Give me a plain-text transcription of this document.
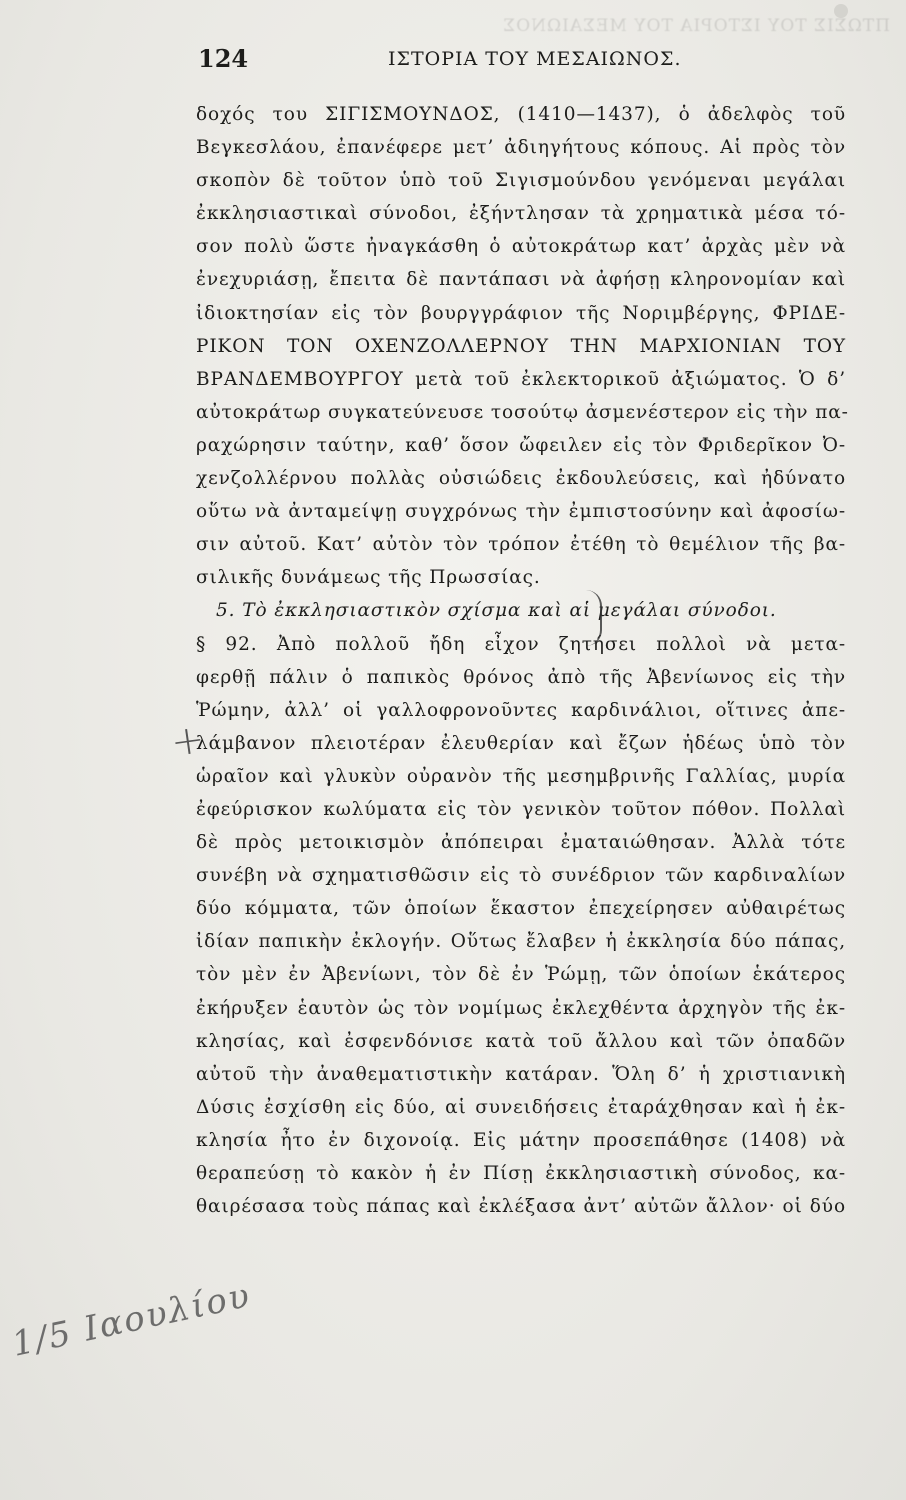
ΠΤΩΣΙΣ ΤΟΥ ΙΣΤΟΡΙΑ ΤΟΥ ΜΕΣΑΙΩΝΟΣ
124	ΙΣΤΟΡΙΑ ΤΟΥ ΜΕΣΑΙΩΝΟΣ.
δοχός του ΣΙΓΙΣΜΟΥΝΔΟΣ, (1410—1437), ὁ ἀδελφὸς τοῦ
Βεγκεσλάου, ἐπανέφερε μετ’ ἀδιηγήτους κόπους. Αἱ πρὸς τὸν
σκοπὸν δὲ τοῦτον ὑπὸ τοῦ Σιγισμούνδου γενόμεναι μεγάλαι
ἐκκλησιαστικαὶ σύνοδοι, ἐξήντλησαν τὰ χρηματικὰ μέσα τό-
σον πολὺ ὥστε ἠναγκάσθη ὁ αὐτοκράτωρ κατ’ ἀρχὰς μὲν νὰ
ἐνεχυριάσῃ, ἔπειτα δὲ παντάπασι νὰ ἀφήσῃ κληρονομίαν καὶ
ἰδιοκτησίαν εἰς τὸν βουργγράφιον τῆς Νοριμβέργης, ΦΡΙΔΕ-
ΡΙΚΟΝ ΤΟΝ ΟΧΕΝΖΟΛΛΕΡΝΟΥ ΤΗΝ ΜΑΡΧΙΟΝΙΑΝ ΤΟΥ
ΒΡΑΝΔΕΜΒΟΥΡΓΟΥ μετὰ τοῦ ἐκλεκτορικοῦ ἀξιώματος. Ὁ δ’
αὐτοκράτωρ συγκατεύνευσε τοσούτῳ ἀσμενέστερον εἰς τὴν πα-
ραχώρησιν ταύτην, καθ’ ὅσον ὤφειλεν εἰς τὸν Φριδερῖκον Ὀ-
χενζολλέρνου πολλὰς οὐσιώδεις ἐκδουλεύσεις, καὶ ἠδύνατο
οὕτω νὰ ἀνταμείψῃ συγχρόνως τὴν ἐμπιστοσύνην καὶ ἀφοσίω-
σιν αὐτοῦ. Κατ’ αὐτὸν τὸν τρόπον ἐτέθη τὸ θεμέλιον τῆς βα-
σιλικῆς δυνάμεως τῆς Πρωσσίας.
5. Τὸ ἐκκλησιαστικὸν σχίσμα καὶ αἱ μεγάλαι σύνοδοι.
§ 92. Ἀπὸ πολλοῦ ἤδη εἶχον ζητήσει πολλοὶ νὰ μετα-
φερθῇ πάλιν ὁ παπικὸς θρόνος ἀπὸ τῆς Ἀβενίωνος εἰς τὴν
Ῥώμην, ἀλλ’ οἱ γαλλοφρονοῦντες καρδινάλιοι, οἵτινες ἀπε-
λάμβανον πλειοτέραν ἐλευθερίαν καὶ ἔζων ἡδέως ὑπὸ τὸν
ὡραῖον καὶ γλυκὺν οὐρανὸν τῆς μεσημβρινῆς Γαλλίας, μυρία
ἐφεύρισκον κωλύματα εἰς τὸν γενικὸν τοῦτον πόθον. Πολλαὶ
δὲ πρὸς μετοικισμὸν ἀπόπειραι ἐματαιώθησαν. Ἀλλὰ τότε
συνέβη νὰ σχηματισθῶσιν εἰς τὸ συνέδριον τῶν καρδιναλίων
δύο κόμματα, τῶν ὁποίων ἕκαστον ἐπεχείρησεν αὐθαιρέτως
ἰδίαν παπικὴν ἐκλογήν. Οὕτως ἔλαβεν ἡ ἐκκλησία δύο πάπας,
τὸν μὲν ἐν Ἀβενίωνι, τὸν δὲ ἐν Ῥώμῃ, τῶν ὁποίων ἑκάτερος
ἐκήρυξεν ἑαυτὸν ὡς τὸν νομίμως ἐκλεχθέντα ἀρχηγὸν τῆς ἐκ-
κλησίας, καὶ ἐσφενδόνισε κατὰ τοῦ ἄλλου καὶ τῶν ὀπαδῶν
αὐτοῦ τὴν ἀναθεματιστικὴν κατάραν. Ὅλη δ’ ἡ χριστιανικὴ
Δύσις ἐσχίσθη εἰς δύο, αἱ συνειδήσεις ἐταράχθησαν καὶ ἡ ἐκ-
κλησία ἦτο ἐν διχονοίᾳ. Εἰς μάτην προσεπάθησε (1408) νὰ
θεραπεύσῃ τὸ κακὸν ἡ ἐν Πίσῃ ἐκκλησιαστικὴ σύνοδος, κα-
θαιρέσασα τοὺς πάπας καὶ ἐκλέξασα ἀντ’ αὐτῶν ἄλλον· οἱ δύο
+
1/5 Ιαουλίου
